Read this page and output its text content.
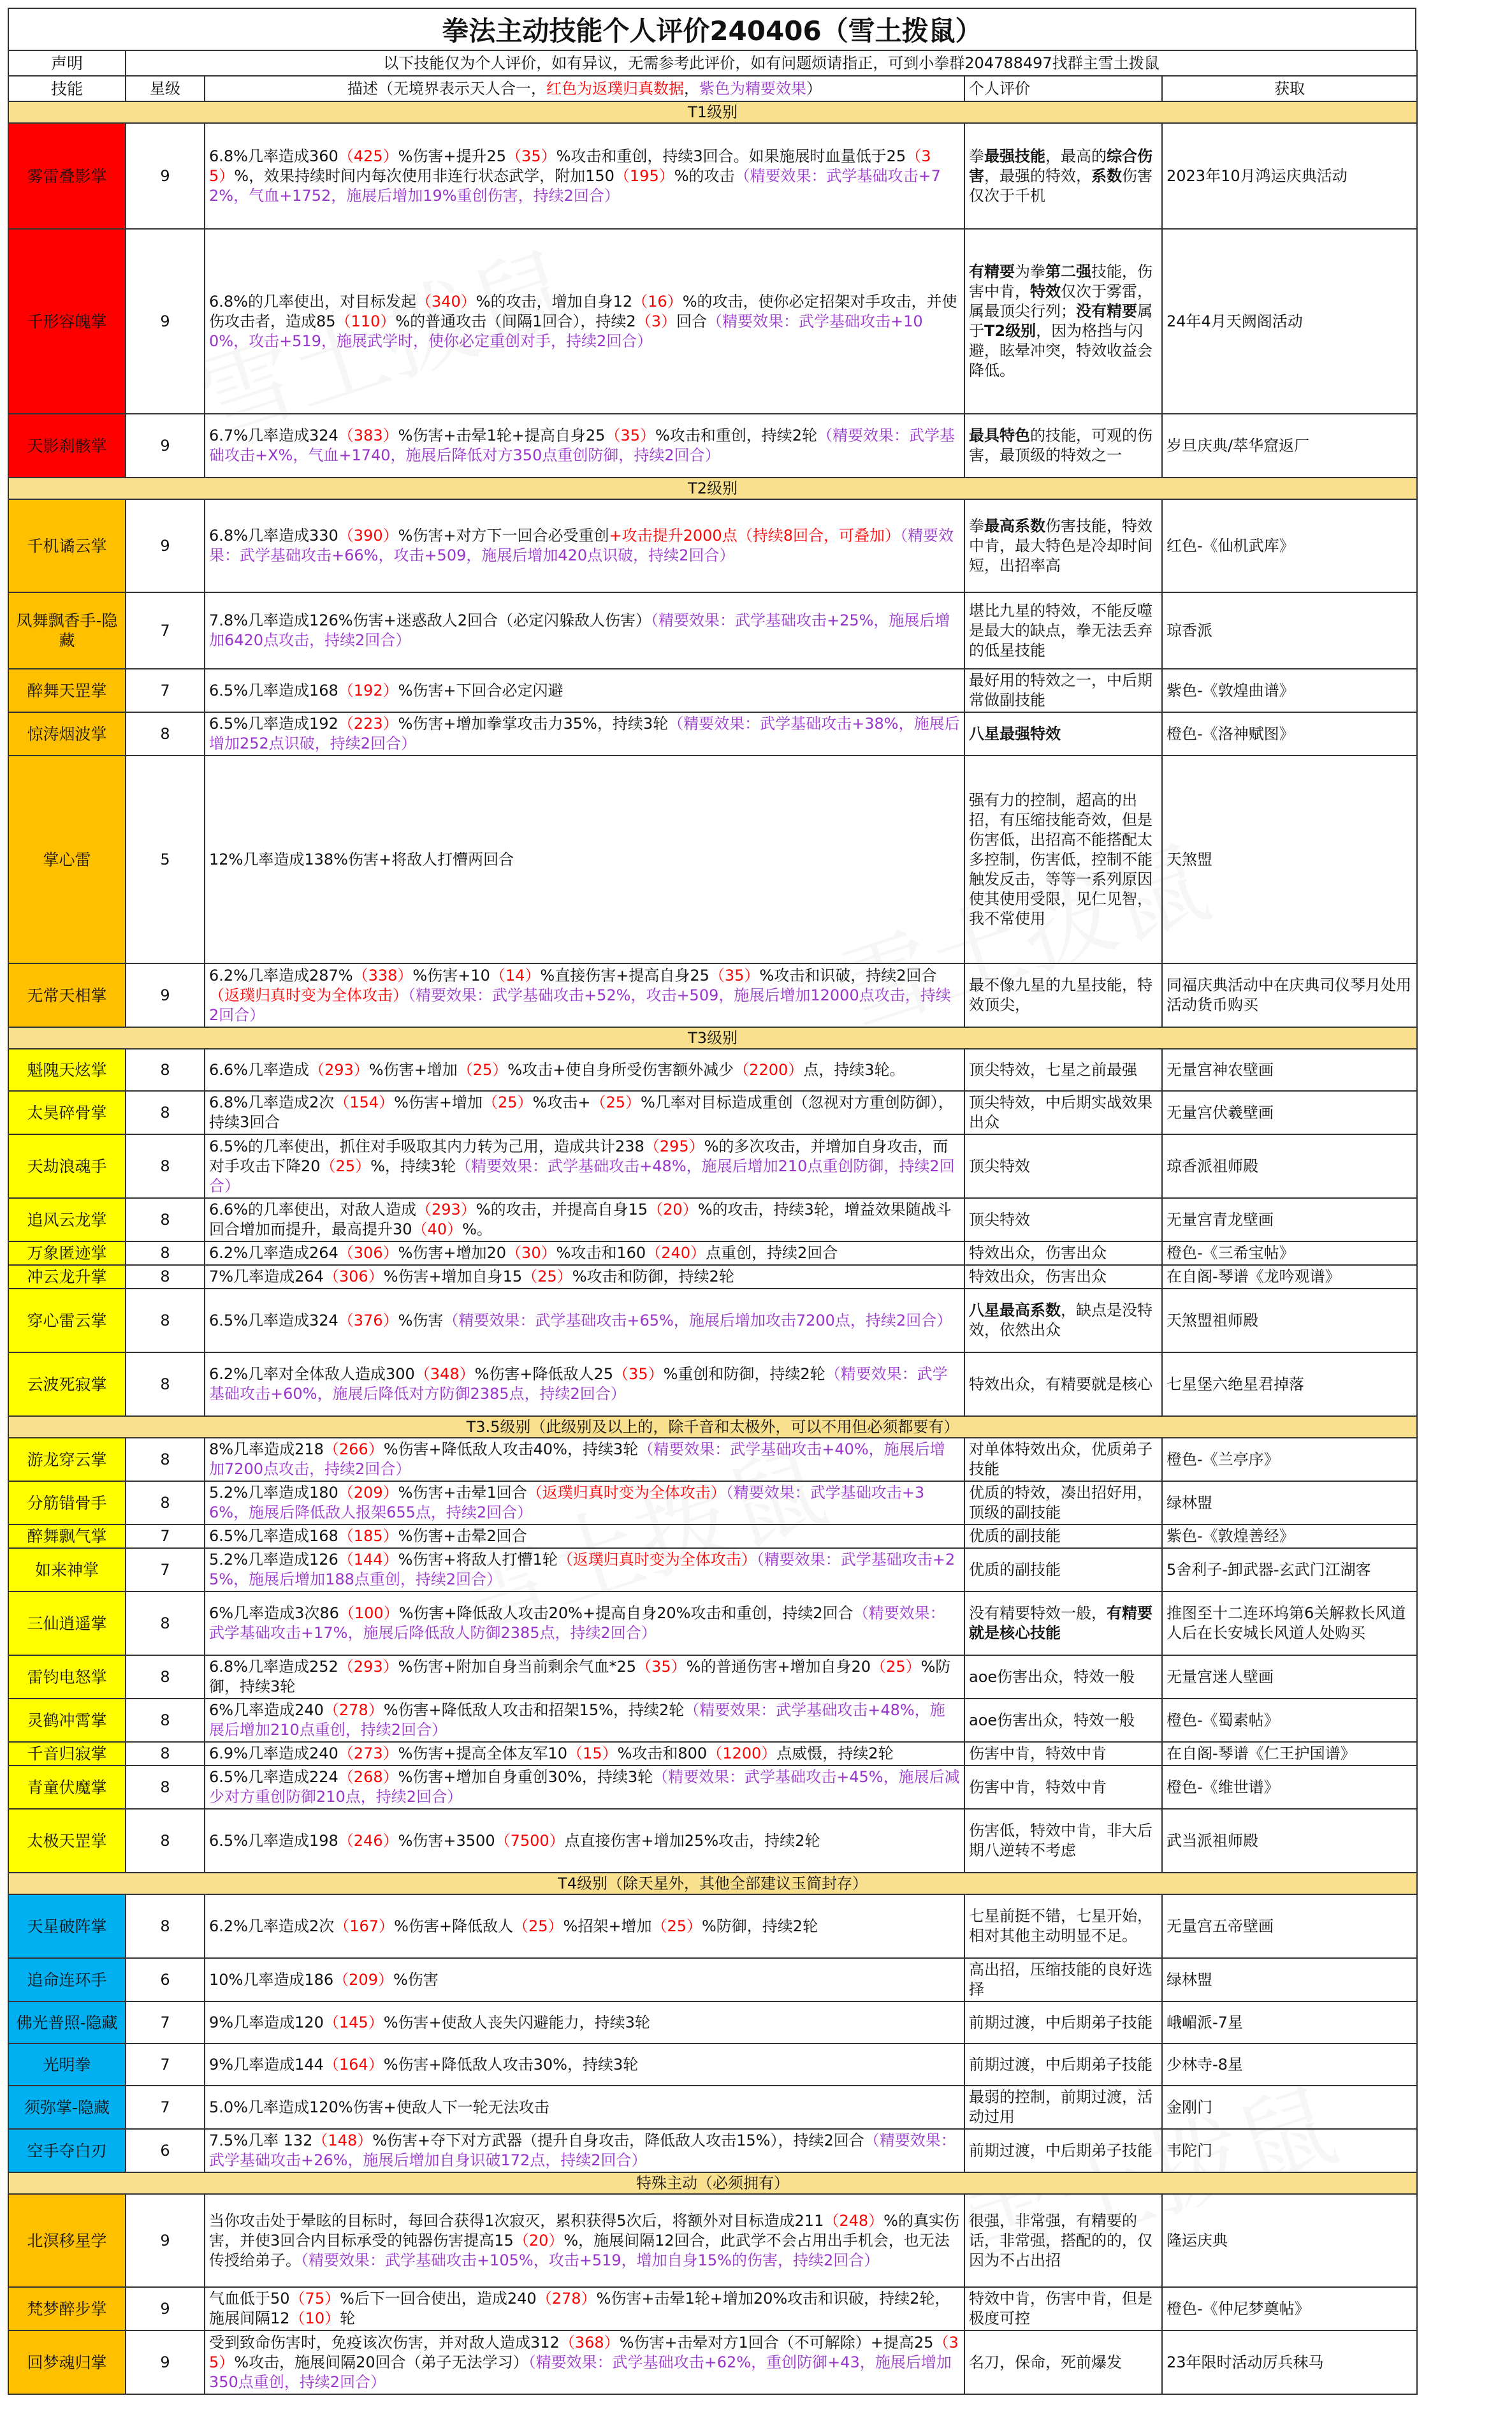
拳法主动技能个人评价240406（雪土拨鼠）
声明	以下技能仅为个人评价，如有异议，无需参考此评价，如有问题烦请指正，可到小拳群204788497找群主雪土拨鼠			
技能	星级	描述（无境界表示天人合一，红色为返璞归真数据，紫色为精要效果）	个人评价	获取
T1级别				
雾雷叠影掌	9	6.8%几率造成360（425）%伤害+提升25（35）%攻击和重创，持续3回合。如果施展时血量低于25（35）%，效果持续时间内每次使用非连行状态武学，附加150（195）%的攻击（精要效果：武学基础攻击+72%，气血+1752，施展后增加19%重创伤害，持续2回合）	拳最强技能，最高的综合伤害，最强的特效，系数伤害仅次于千机	2023年10月鸿运庆典活动
千形容魄掌	9	6.8%的几率使出，对目标发起（340）%的攻击，增加自身12（16）%的攻击，使你必定招架对手攻击，并使伤攻击者，造成85（110）%的普通攻击（间隔1回合），持续2（3）回合（精要效果：武学基础攻击+100%，攻击+519，施展武学时，使你必定重创对手，持续2回合）	有精要为拳第二强技能，伤害中肯，特效仅次于雾雷，属最顶尖行列；没有精要属于T2级别，因为格挡与闪避，眩晕冲突，特效收益会降低。	24年4月天阙阁活动
天影刹骸掌	9	6.7%几率造成324（383）%伤害+击晕1轮+提高自身25（35）%攻击和重创，持续2轮（精要效果：武学基础攻击+X%，气血+1740，施展后降低对方350点重创防御，持续2回合）	最具特色的技能，可观的伤害，最顶级的特效之一	岁旦庆典/萃华窟返厂
T2级别				
千机谲云掌	9	6.8%几率造成330（390）%伤害+对方下一回合必受重创+攻击提升2000点（持续8回合，可叠加）（精要效果：武学基础攻击+66%，攻击+509，施展后增加420点识破，持续2回合）	拳最高系数伤害技能，特效中肯，最大特色是冷却时间短，出招率高	红色-《仙机武库》
凤舞飘香手-隐藏	7	7.8%几率造成126%伤害+迷惑敌人2回合（必定闪躲敌人伤害）（精要效果：武学基础攻击+25%，施展后增加6420点攻击，持续2回合）	堪比九星的特效，不能反噬是最大的缺点，拳无法丢弃的低星技能	琼香派
醉舞天罡掌	7	6.5%几率造成168（192）%伤害+下回合必定闪避	最好用的特效之一，中后期常做副技能	紫色-《敦煌曲谱》
惊涛烟波掌	8	6.5%几率造成192（223）%伤害+增加拳掌攻击力35%，持续3轮（精要效果：武学基础攻击+38%，施展后增加252点识破，持续2回合）	八星最强特效	橙色-《洛神赋图》
掌心雷	5	12%几率造成138%伤害+将敌人打懵两回合	强有力的控制，超高的出招，有压缩技能奇效，但是伤害低，出招高不能搭配太多控制，伤害低，控制不能触发反击，等等一系列原因使其使用受限，见仁见智，我不常使用	天煞盟
无常天相掌	9	6.2%几率造成287%（338）%伤害+10（14）%直接伤害+提高自身25（35）%攻击和识破，持续2回合（返璞归真时变为全体攻击）（精要效果：武学基础攻击+52%，攻击+509，施展后增加12000点攻击，持续2回合）	最不像九星的九星技能，特效顶尖，	同福庆典活动中在庆典司仪琴月处用活动货币购买
T3级别				
魁隗天炫掌	8	6.6%几率造成（293）%伤害+增加（25）%攻击+使自身所受伤害额外减少（2200）点，持续3轮。	顶尖特效，七星之前最强	无量宫神农壁画
太昊碎骨掌	8	6.8%几率造成2次（154）%伤害+增加（25）%攻击+（25）%几率对目标造成重创（忽视对方重创防御），持续3回合	顶尖特效，中后期实战效果出众	无量宫伏羲壁画
天劫浪魂手	8	6.5%的几率使出，抓住对手吸取其内力转为己用，造成共计238（295）%的多次攻击，并增加自身攻击，而对手攻击下降20（25）%，持续3轮（精要效果：武学基础攻击+48%，施展后增加210点重创防御，持续2回合）	顶尖特效	琼香派祖师殿
追风云龙掌	8	6.6%的几率使出，对敌人造成（293）%的攻击，并提高自身15（20）%的攻击，持续3轮，增益效果随战斗回合增加而提升，最高提升30（40）%。	顶尖特效	无量宫青龙壁画
万象匿迹掌	8	6.2%几率造成264（306）%伤害+增加20（30）%攻击和160（240）点重创，持续2回合	特效出众，伤害出众	橙色-《三希宝帖》
冲云龙升掌	8	7%几率造成264（306）%伤害+增加自身15（25）%攻击和防御，持续2轮	特效出众，伤害出众	在自阁-琴谱《龙吟观谱》
穿心雷云掌	8	6.5%几率造成324（376）%伤害（精要效果：武学基础攻击+65%，施展后增加攻击7200点，持续2回合）	八星最高系数，缺点是没特效，依然出众	天煞盟祖师殿
云波死寂掌	8	6.2%几率对全体敌人造成300（348）%伤害+降低敌人25（35）%重创和防御，持续2轮（精要效果：武学基础攻击+60%，施展后降低对方防御2385点，持续2回合）	特效出众，有精要就是核心	七星堡六绝星君掉落
T3.5级别（此级别及以上的，除千音和太极外，可以不用但必须都要有）				
游龙穿云掌	8	8%几率造成218（266）%伤害+降低敌人攻击40%，持续3轮（精要效果：武学基础攻击+40%，施展后增加7200点攻击，持续2回合）	对单体特效出众，优质弟子技能	橙色-《兰亭序》
分筋错骨手	8	5.2%几率造成180（209）%伤害+击晕1回合（返璞归真时变为全体攻击）（精要效果：武学基础攻击+36%，施展后降低敌人报架655点，持续2回合）	优质的特效，凑出招好用，顶级的副技能	绿林盟
醉舞飘气掌	7	6.5%几率造成168（185）%伤害+击晕2回合	优质的副技能	紫色-《敦煌善经》
如来神掌	7	5.2%几率造成126（144）%伤害+将敌人打懵1轮（返璞归真时变为全体攻击）（精要效果：武学基础攻击+25%，施展后增加188点重创，持续2回合）	优质的副技能	5舍利子-卸武器-玄武门江湖客
三仙逍遥掌	8	6%几率造成3次86（100）%伤害+降低敌人攻击20%+提高自身20%攻击和重创，持续2回合（精要效果：武学基础攻击+17%，施展后降低敌人防御2385点，持续2回合）	没有精要特效一般，有精要就是核心技能	推图至十二连环坞第6关解救长风道人后在长安城长风道人处购买
雷钧电怒掌	8	6.8%几率造成252（293）%伤害+附加自身当前剩余气血*25（35）%的普通伤害+增加自身20（25）%防御，持续3轮	aoe伤害出众，特效一般	无量宫迷人壁画
灵鹤冲霄掌	8	6%几率造成240（278）%伤害+降低敌人攻击和招架15%，持续2轮（精要效果：武学基础攻击+48%，施展后增加210点重创，持续2回合）	aoe伤害出众，特效一般	橙色-《蜀素帖》
千音归寂掌	8	6.9%几率造成240（273）%伤害+提高全体友军10（15）%攻击和800（1200）点威慑，持续2轮	伤害中肯，特效中肯	在自阁-琴谱《仁王护国谱》
青童伏魔掌	8	6.5%几率造成224（268）%伤害+增加自身重创30%，持续3轮（精要效果：武学基础攻击+45%，施展后减少对方重创防御210点，持续2回合）	伤害中肯，特效中肯	橙色-《维世谱》
太极天罡掌	8	6.5%几率造成198（246）%伤害+3500（7500）点直接伤害+增加25%攻击，持续2轮	伤害低，特效中肯，非大后期八逆转不考虑	武当派祖师殿
T4级别（除天星外，其他全部建议玉简封存）				
天星破阵掌	8	6.2%几率造成2次（167）%伤害+降低敌人（25）%招架+增加（25）%防御，持续2轮	七星前挺不错，七星开始，相对其他主动明显不足。	无量宫五帝壁画
追命连环手	6	10%几率造成186（209）%伤害	高出招，压缩技能的良好选择	绿林盟
佛光普照-隐藏	7	9%几率造成120（145）%伤害+使敌人丧失闪避能力，持续3轮	前期过渡，中后期弟子技能	峨嵋派-7星
光明拳	7	9%几率造成144（164）%伤害+降低敌人攻击30%，持续3轮	前期过渡，中后期弟子技能	少林寺-8星
须弥掌-隐藏	7	5.0%几率造成120%伤害+使敌人下一轮无法攻击	最弱的控制，前期过渡，活动过用	金刚门
空手夺白刃	6	7.5%几率 132（148）%伤害+夺下对方武器（提升自身攻击，降低敌人攻击15%），持续2回合（精要效果：武学基础攻击+26%，施展后增加自身识破172点，持续2回合）	前期过渡，中后期弟子技能	韦陀门
特殊主动（必须拥有）				
北溟移星学	9	当你攻击处于晕眩的目标时，每回合获得1次寂灭，累积获得5次后，将额外对目标造成211（248）%的真实伤害，并使3回合内目标承受的钝器伤害提高15（20）%，施展间隔12回合，此武学不会占用出手机会，也无法传授给弟子。（精要效果：武学基础攻击+105%，攻击+519，增加自身15%的伤害，持续2回合）	很强，非常强，有精要的话，非常强，搭配的的，仅因为不占出招	隆运庆典
梵梦醉步掌	9	气血低于50（75）%后下一回合使出，造成240（278）%伤害+击晕1轮+增加20%攻击和识破，持续2轮，施展间隔12（10）轮	特效中肯，伤害中肯，但是极度可控	橙色-《仲尼梦奠帖》
回梦魂归掌	9	受到致命伤害时，免疫该次伤害，并对敌人造成312（368）%伤害+击晕对方1回合（不可解除）+提高25（35）%攻击，施展间隔20回合（弟子无法学习）（精要效果：武学基础攻击+62%，重创防御+43，施展后增加350点重创，持续2回合）	名刀，保命，死前爆发	23年限时活动厉兵秣马
